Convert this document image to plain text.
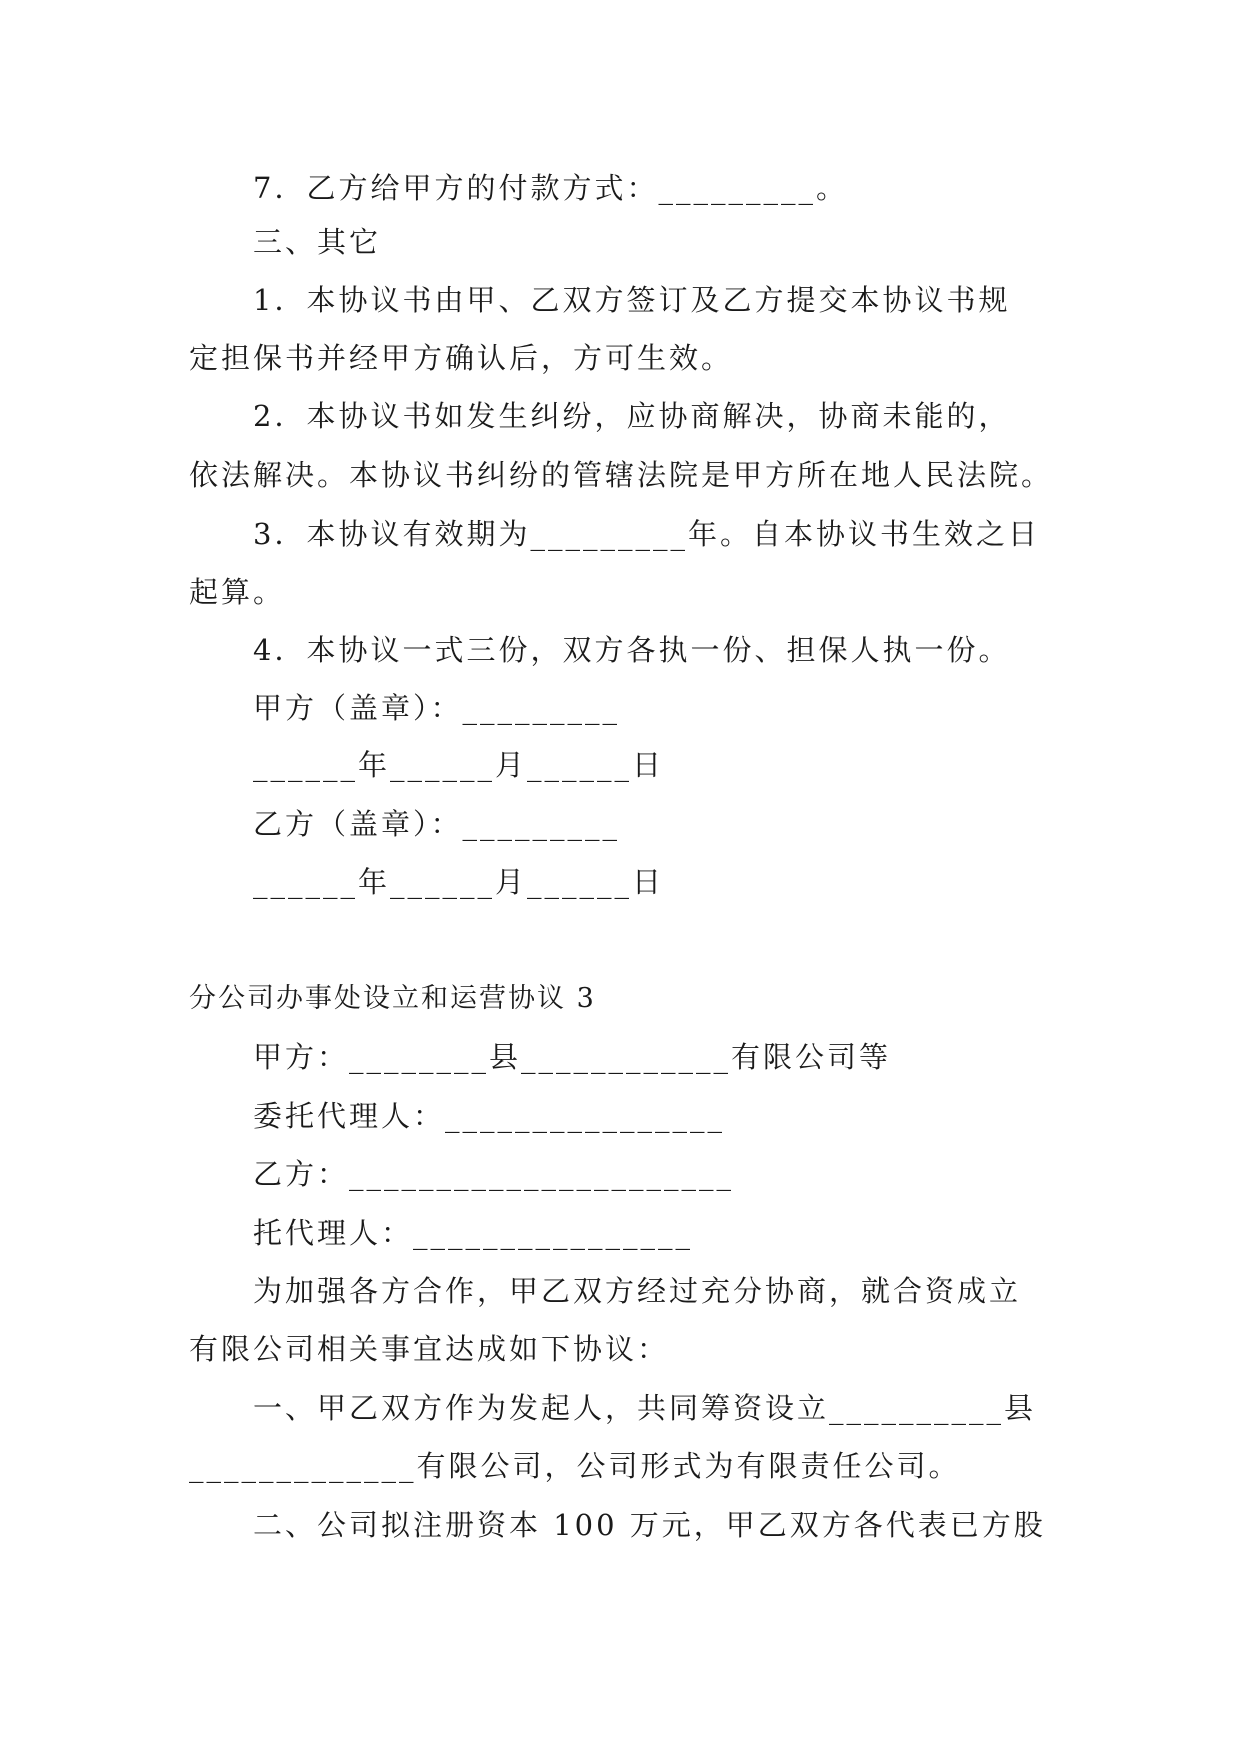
7．乙方给甲方的付款方式：_________。
三、其它
1．本协议书由甲、乙双方签订及乙方提交本协议书规
定担保书并经甲方确认后，方可生效。
2．本协议书如发生纠纷，应协商解决，协商未能的，
依法解决。本协议书纠纷的管辖法院是甲方所在地人民法院。
3．本协议有效期为_________年。自本协议书生效之日
起算。
4．本协议一式三份，双方各执一份、担保人执一份。
甲方（盖章）：_________
______年______月______日
乙方（盖章）：_________
______年______月______日
分公司办事处设立和运营协议 3
甲方：________县____________有限公司等
委托代理人：________________
乙方：______________________
托代理人：________________
为加强各方合作，甲乙双方经过充分协商，就合资成立
有限公司相关事宜达成如下协议：
一、甲乙双方作为发起人，共同筹资设立__________县
_____________有限公司，公司形式为有限责任公司。
二、公司拟注册资本 100 万元，甲乙双方各代表已方股
